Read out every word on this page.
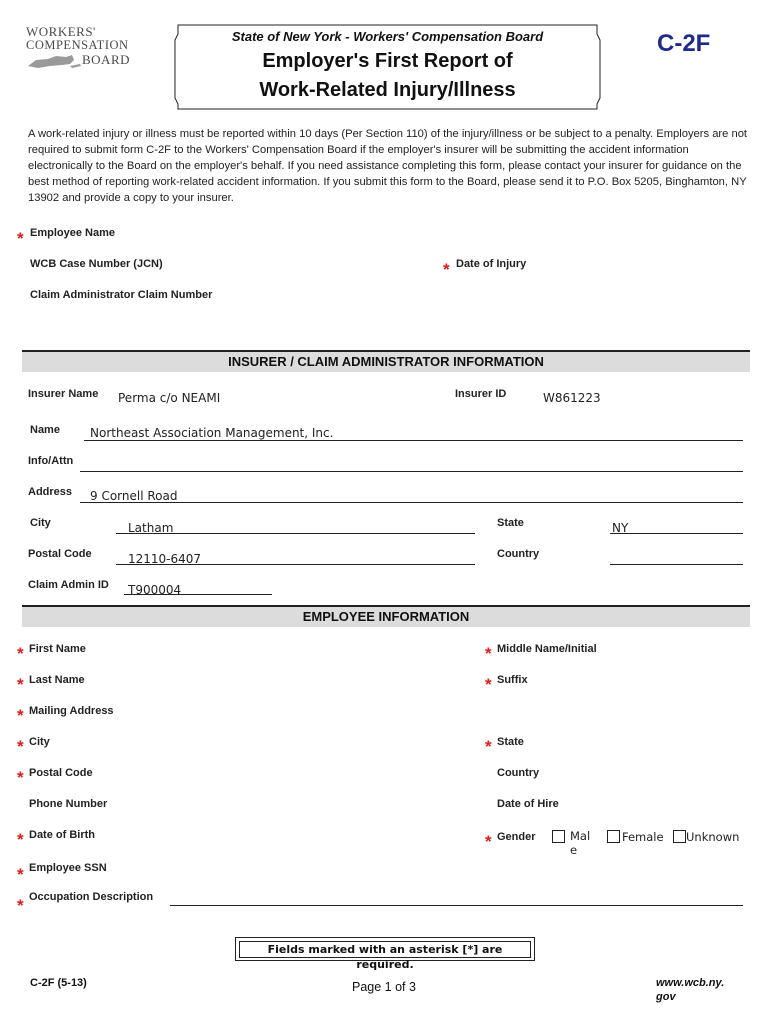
WORKERS'
COMPENSATION
BOARD
State of New York - Workers' Compensation Board
Employer's First Report of
Work-Related Injury/Illness
C-2F
A work-related injury or illness must be reported within 10 days (Per Section 110) of the injury/illness or be subject to a penalty. Employers are not required to submit form C-2F to the Workers' Compensation Board if the employer's insurer will be submitting the accident information electronically to the Board on the employer's behalf. If you need assistance completing this form, please contact your insurer for guidance on the best method of reporting work-related accident information. If you submit this form to the Board, please send it to P.O. Box 5205, Binghamton, NY 13902 and provide a copy to your insurer.
* Employee Name
WCB Case Number (JCN)	* Date of Injury
Claim Administrator Claim Number
INSURER / CLAIM ADMINISTRATOR INFORMATION
Insurer Name Perma c/o NEAMI	Insurer ID	W861223
Name	Northeast Association Management, Inc.
Info/Attn
Address 9 Cornell Road
City	Latham	State	NY
Postal Code	12110-6407	Country
Claim Admin ID T900004
EMPLOYEE INFORMATION
* First Name	* Middle Name/Initial
* Last Name	* Suffix
* Mailing Address
* City	* State
* Postal Code	Country
Phone Number	Date of Hire
* Date of Birth	* Gender	Mal
e
Female Unknown
* Employee SSN
* Occupation Description
Fields marked with an asterisk [*] are required.
C-2F (5-13)	Page 1 of 3	www.wcb.ny.
gov
